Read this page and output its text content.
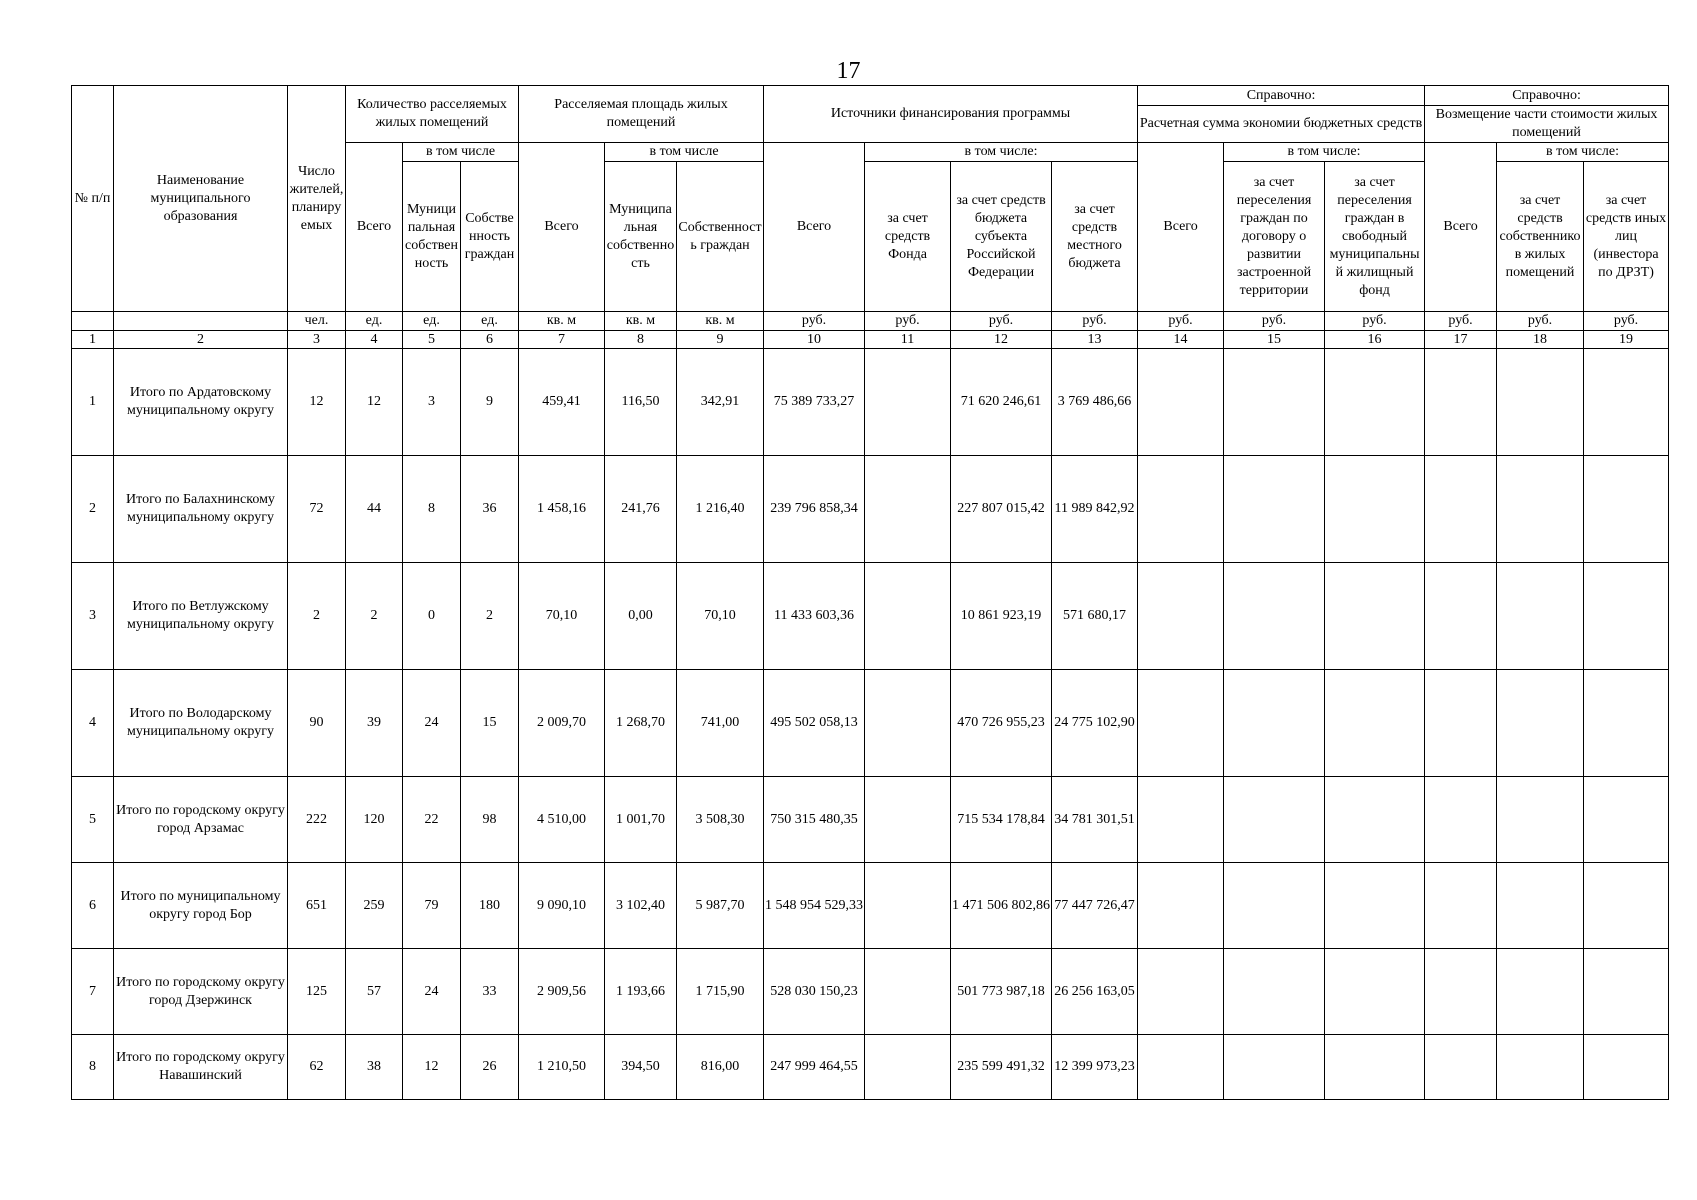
17
№ п/п	Наименование муниципального образования	Число жителей, планируемых	Количество расселяемых жилых помещений			Расселяемая площадь жилых помещений			Источники финансирования программы				Справочно:			Справочно:		
													Расчетная сумма экономии бюджетных средств			Возмещение части стоимости жилых помещений		
			Всего	в том числе		Всего	в том числе		Всего	в том числе:			Всего	в том числе:		Всего	в том числе:	
				Муниципальная собственность	Собственность граждан		Муниципальная собственность	Собственность граждан		за счет средств Фонда	за счет средств бюджета субъекта Российской Федерации	за счет средств местного бюджета		за счет переселения граждан по договору о развитии застроенной территории	за счет переселения граждан в свободный муниципальный жилищный фонд		за счет средств собственников жилых помещений	за счет средств иных лиц (инвестора по ДРЗТ)
		чел.	ед.	ед.	ед.	кв. м	кв. м	кв. м	руб.	руб.	руб.	руб.	руб.	руб.	руб.	руб.	руб.	руб.
1	2	3	4	5	6	7	8	9	10	11	12	13	14	15	16	17	18	19
1	Итого по Ардатовскому муниципальному округу	12	12	3	9	459,41	116,50	342,91	75 389 733,27		71 620 246,61	3 769 486,66						
2	Итого по Балахнинскому муниципальному округу	72	44	8	36	1 458,16	241,76	1 216,40	239 796 858,34		227 807 015,42	11 989 842,92						
3	Итого по Ветлужскому муниципальному округу	2	2	0	2	70,10	0,00	70,10	11 433 603,36		10 861 923,19	571 680,17						
4	Итого по Володарскому муниципальному округу	90	39	24	15	2 009,70	1 268,70	741,00	495 502 058,13		470 726 955,23	24 775 102,90						
5	Итого по городскому округу город Арзамас	222	120	22	98	4 510,00	1 001,70	3 508,30	750 315 480,35		715 534 178,84	34 781 301,51						
6	Итого по муниципальному округу город Бор	651	259	79	180	9 090,10	3 102,40	5 987,70	1 548 954 529,33		1 471 506 802,86	77 447 726,47						
7	Итого по городскому округу город Дзержинск	125	57	24	33	2 909,56	1 193,66	1 715,90	528 030 150,23		501 773 987,18	26 256 163,05						
8	Итого по городскому округу Навашинский	62	38	12	26	1 210,50	394,50	816,00	247 999 464,55		235 599 491,32	12 399 973,23						
